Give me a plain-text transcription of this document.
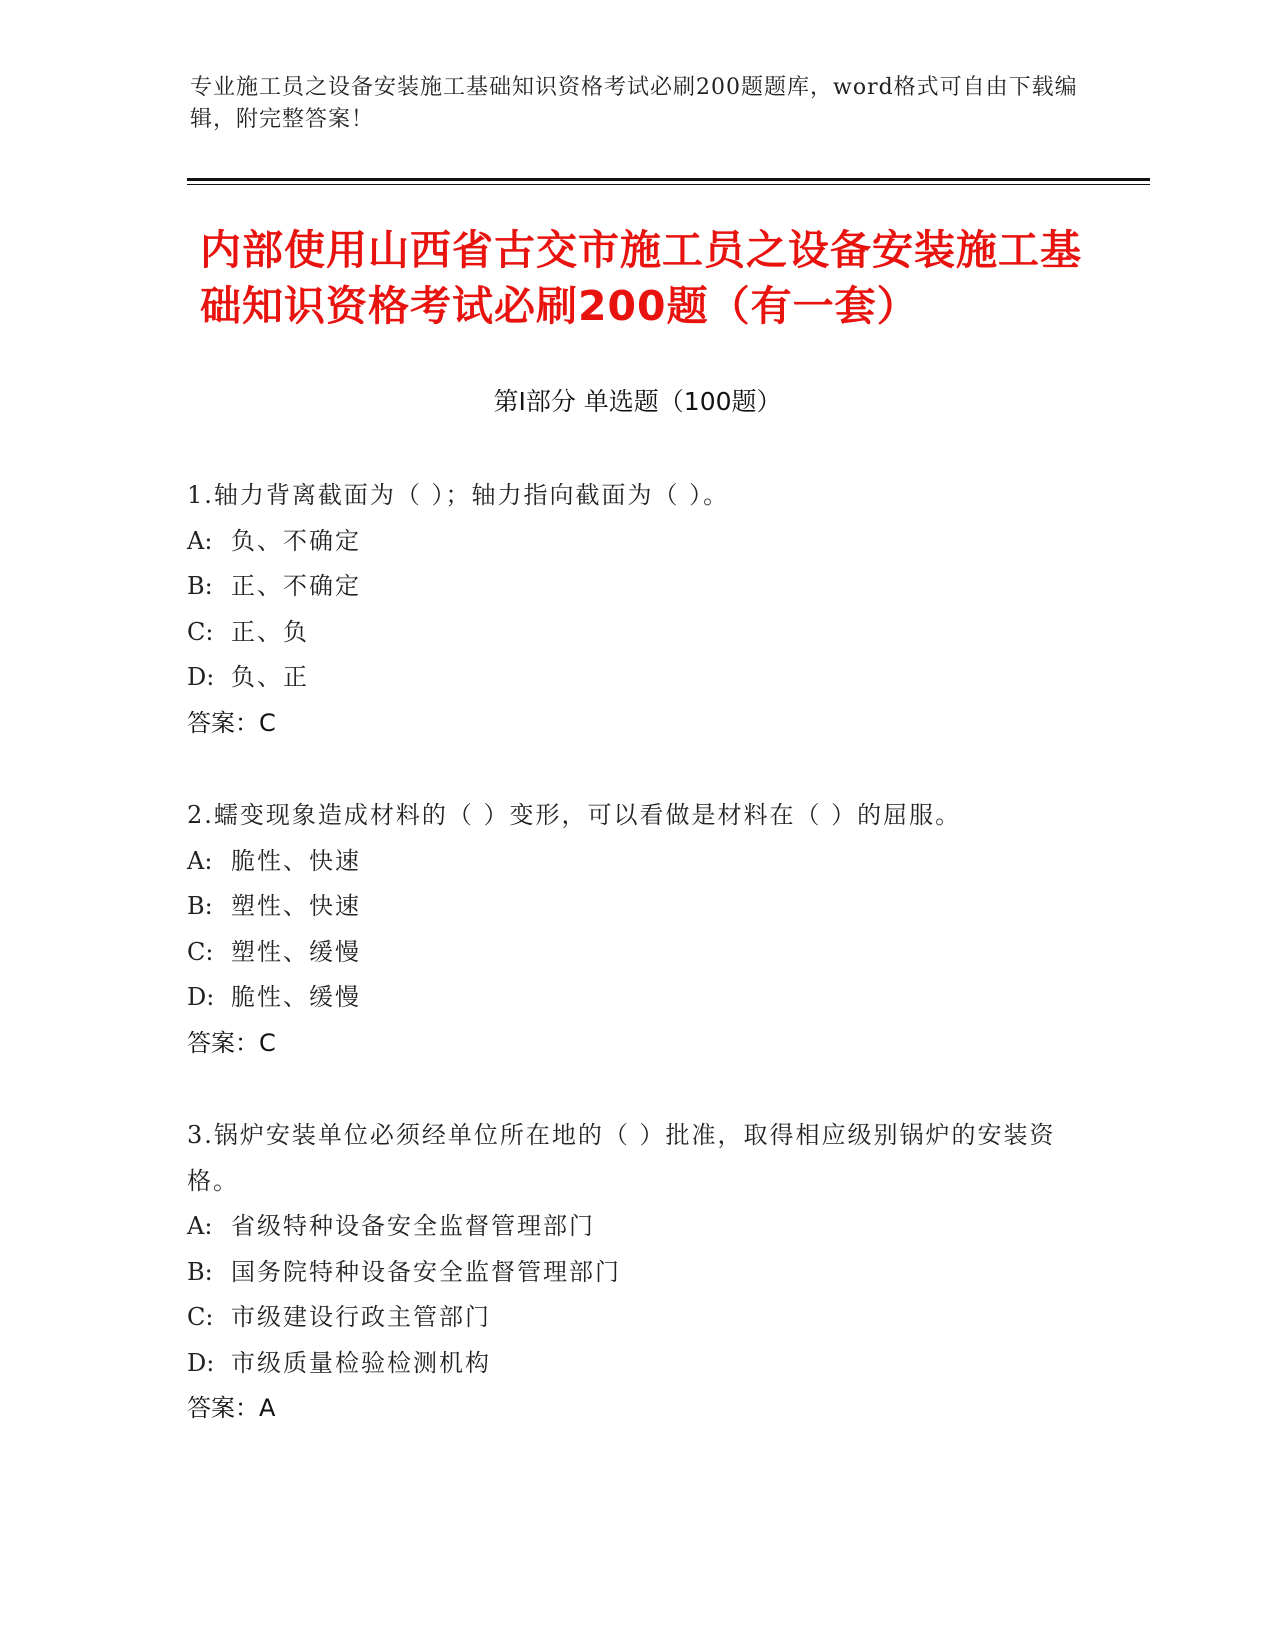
专业施工员之设备安装施工基础知识资格考试必刷200题题库，word格式可自由下载编辑，附完整答案！
内部使用山西省古交市施工员之设备安装施工基础知识资格考试必刷200题（有一套）
第Ⅰ部分 单选题（100题）
1.轴力背离截面为（ ）；轴力指向截面为（ ）。
A: 负、不确定
B: 正、不确定
C: 正、负
D: 负、正
答案：C
2.蠕变现象造成材料的（ ）变形，可以看做是材料在（ ）的屈服。
A: 脆性、快速
B: 塑性、快速
C: 塑性、缓慢
D: 脆性、缓慢
答案：C
3.锅炉安装单位必须经单位所在地的（ ）批准，取得相应级别锅炉的安装资格。
A: 省级特种设备安全监督管理部门
B: 国务院特种设备安全监督管理部门
C: 市级建设行政主管部门
D: 市级质量检验检测机构
答案：A
